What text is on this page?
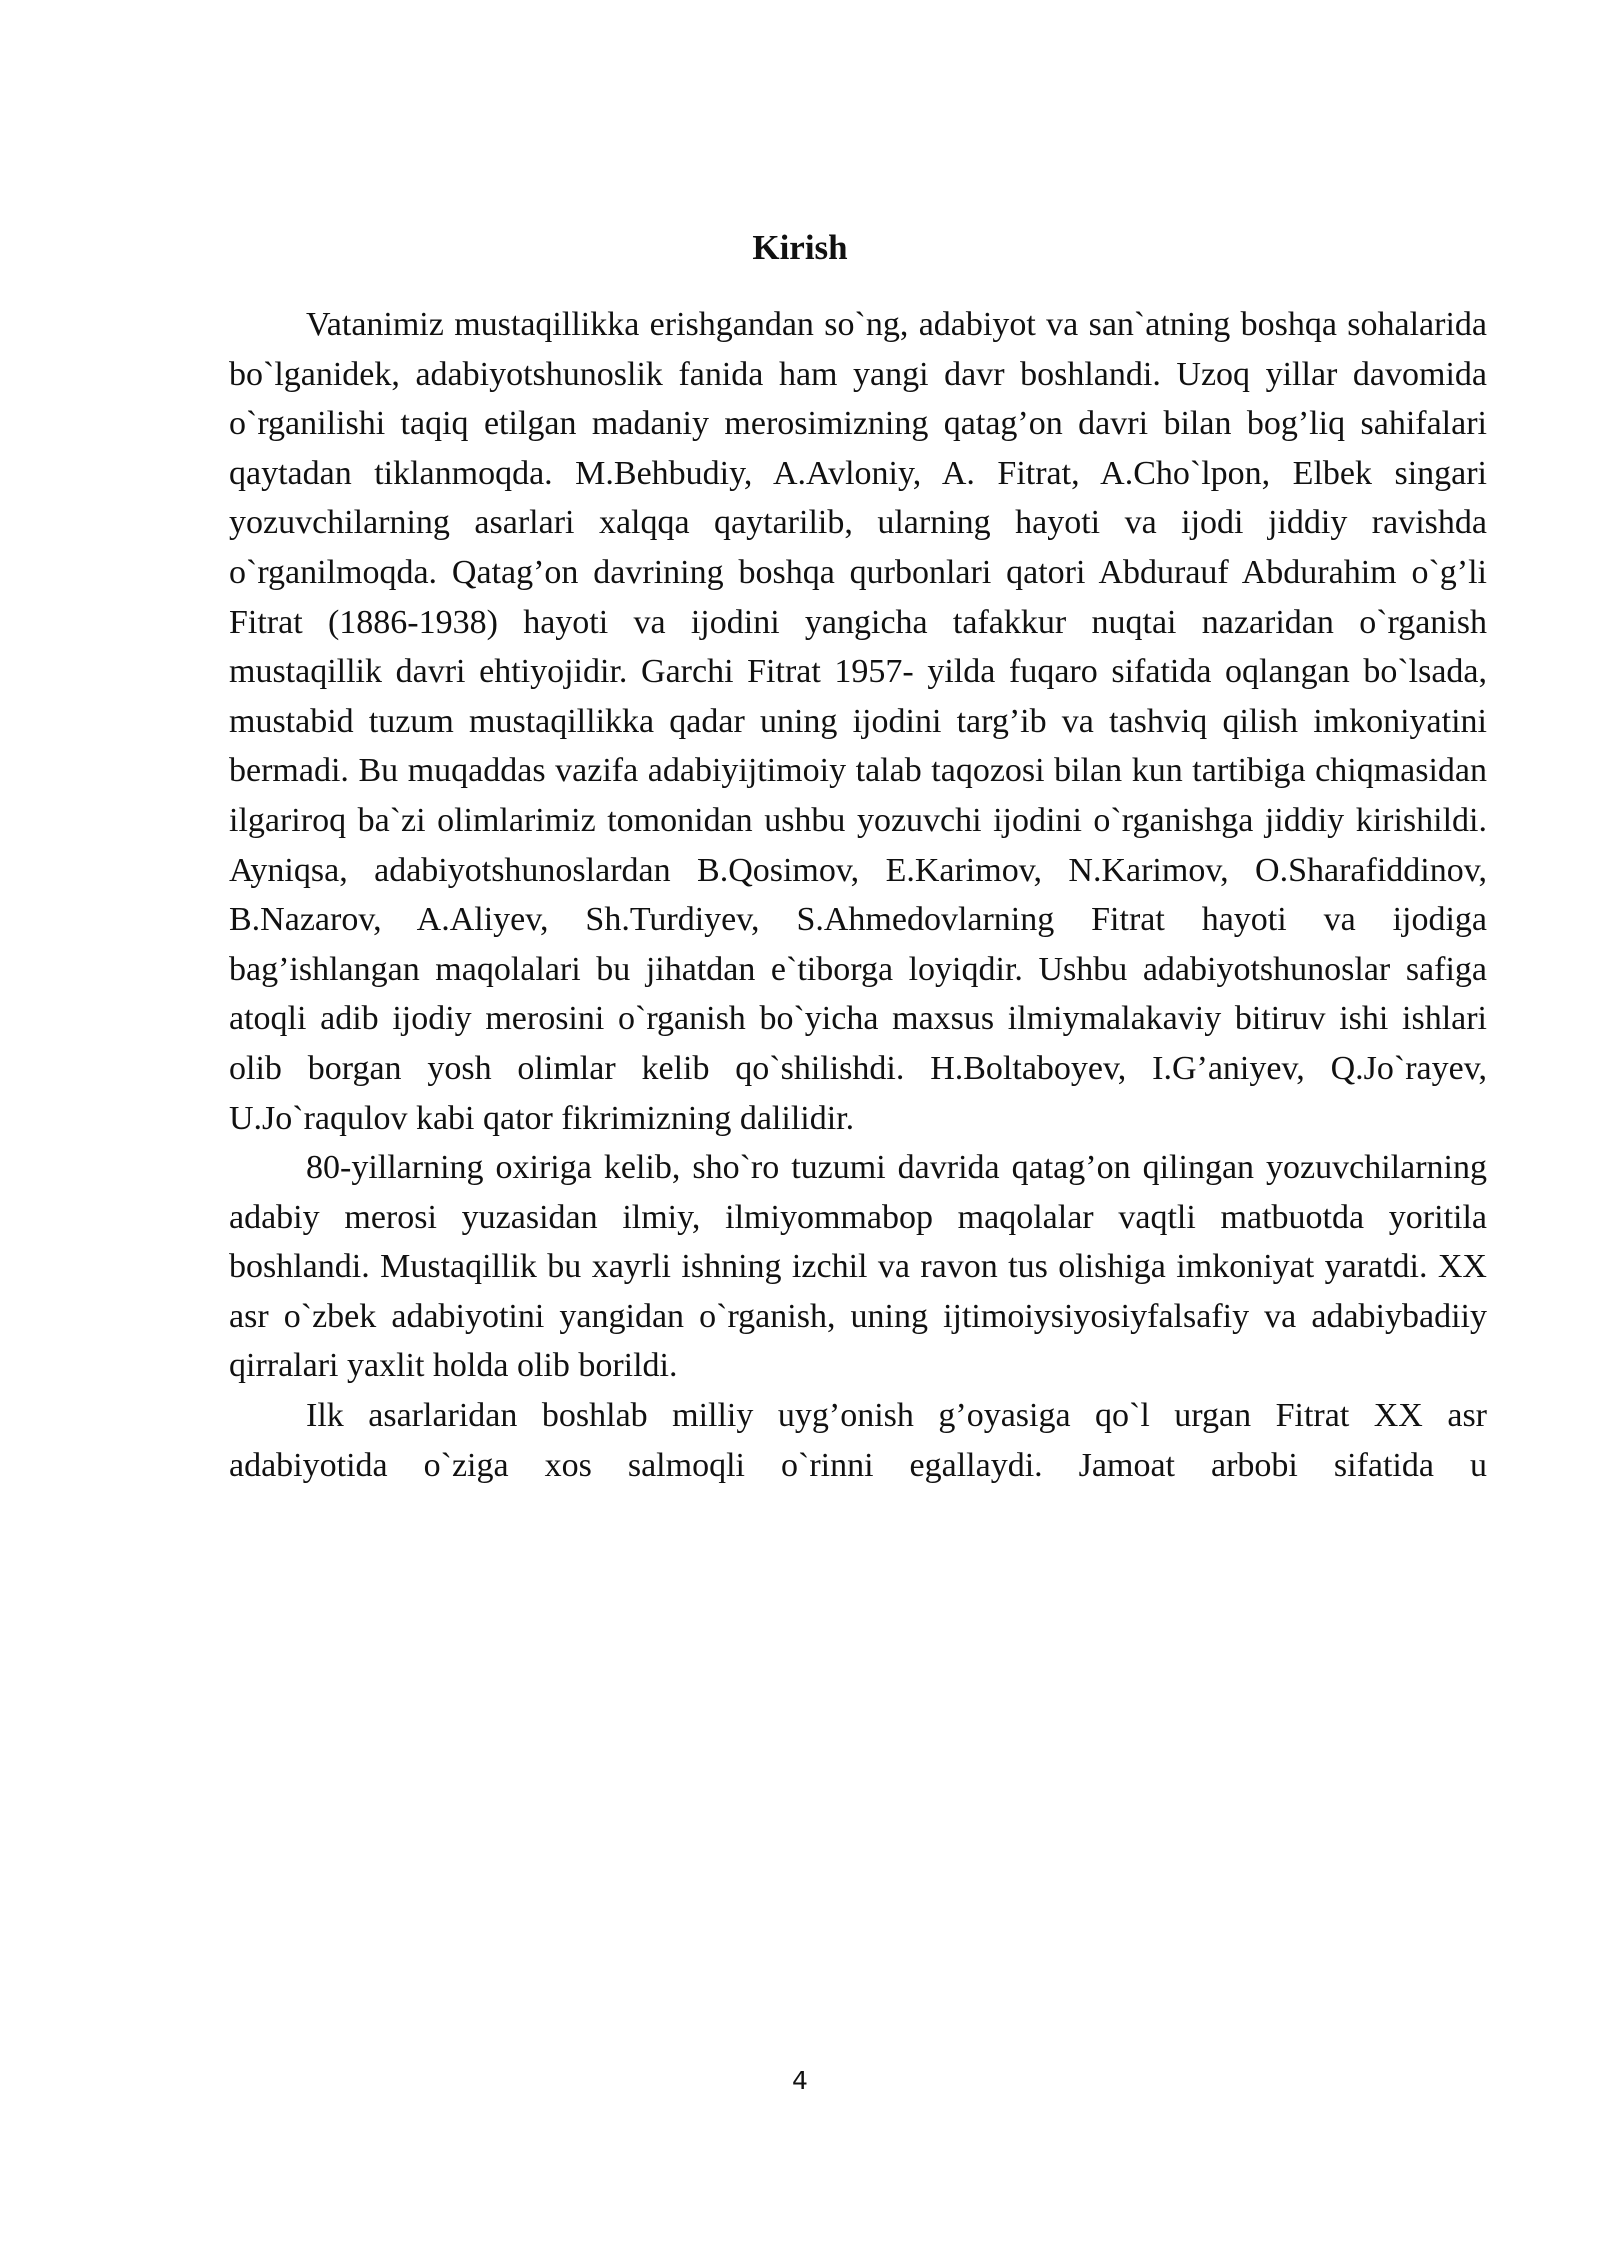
Kirish

Vatanimiz mustaqillikka erishgandan so`ng, adabiyot va san`atning boshqa sohalarida bo`lganidek, adabiyotshunoslik fanida ham yangi davr boshlandi. Uzoq yillar davomida o`rganilishi taqiq etilgan madaniy merosimizning qatag’on davri bilan bog’liq sahifalari qaytadan tiklanmoqda. M.Behbudiy, A.Avloniy, A. Fitrat, A.Cho`lpon, Elbek singari yozuvchilarning asarlari xalqqa qaytarilib, ularning hayoti va ijodi jiddiy ravishda o`rganilmoqda. Qatag’on davrining boshqa qurbonlari qatori Abdurauf Abdurahim o`g’li Fitrat (1886-1938) hayoti va ijodini yangicha tafakkur nuqtai nazaridan o`rganish mustaqillik davri ehtiyojidir. Garchi Fitrat 1957- yilda fuqaro sifatida oqlangan bo`lsada, mustabid tuzum mustaqillikka qadar uning ijodini targ’ib va tashviq qilish imkoniyatini bermadi. Bu muqaddas vazifa adabiyijtimoiy talab taqozosi bilan kun tartibiga chiqmasidan ilgariroq ba`zi olimlarimiz tomonidan ushbu yozuvchi ijodini o`rganishga jiddiy kirishildi. Ayniqsa, adabiyotshunoslardan B.Qosimov, E.Karimov, N.Karimov, O.Sharafiddinov, B.Nazarov, A.Aliyev, Sh.Turdiyev, S.Ahmedovlarning Fitrat hayoti va ijodiga bag’ishlangan maqolalari bu jihatdan e`tiborga loyiqdir. Ushbu adabiyotshunoslar safiga atoqli adib ijodiy merosini o`rganish bo`yicha maxsus ilmiymalakaviy bitiruv ishi ishlari olib borgan yosh olimlar kelib qo`shilishdi. H.Boltaboyev, I.G’aniyev, Q.Jo`rayev, U.Jo`raqulov kabi qator fikrimizning dalilidir.

80-yillarning oxiriga kelib, sho`ro tuzumi davrida qatag’on qilingan yozuvchilarning adabiy merosi yuzasidan ilmiy, ilmiyommabop maqolalar vaqtli matbuotda yoritila boshlandi. Mustaqillik bu xayrli ishning izchil va ravon tus olishiga imkoniyat yaratdi. XX asr o`zbek adabiyotini yangidan o`rganish, uning ijtimoiysiyosiyfalsafiy va adabiybadiiy qirralari yaxlit holda olib borildi.

Ilk asarlaridan boshlab milliy uyg’onish g’oyasiga qo`l urgan Fitrat XX asr adabiyotida o`ziga xos salmoqli o`rinni egallaydi. Jamoat arbobi sifatida u

4
